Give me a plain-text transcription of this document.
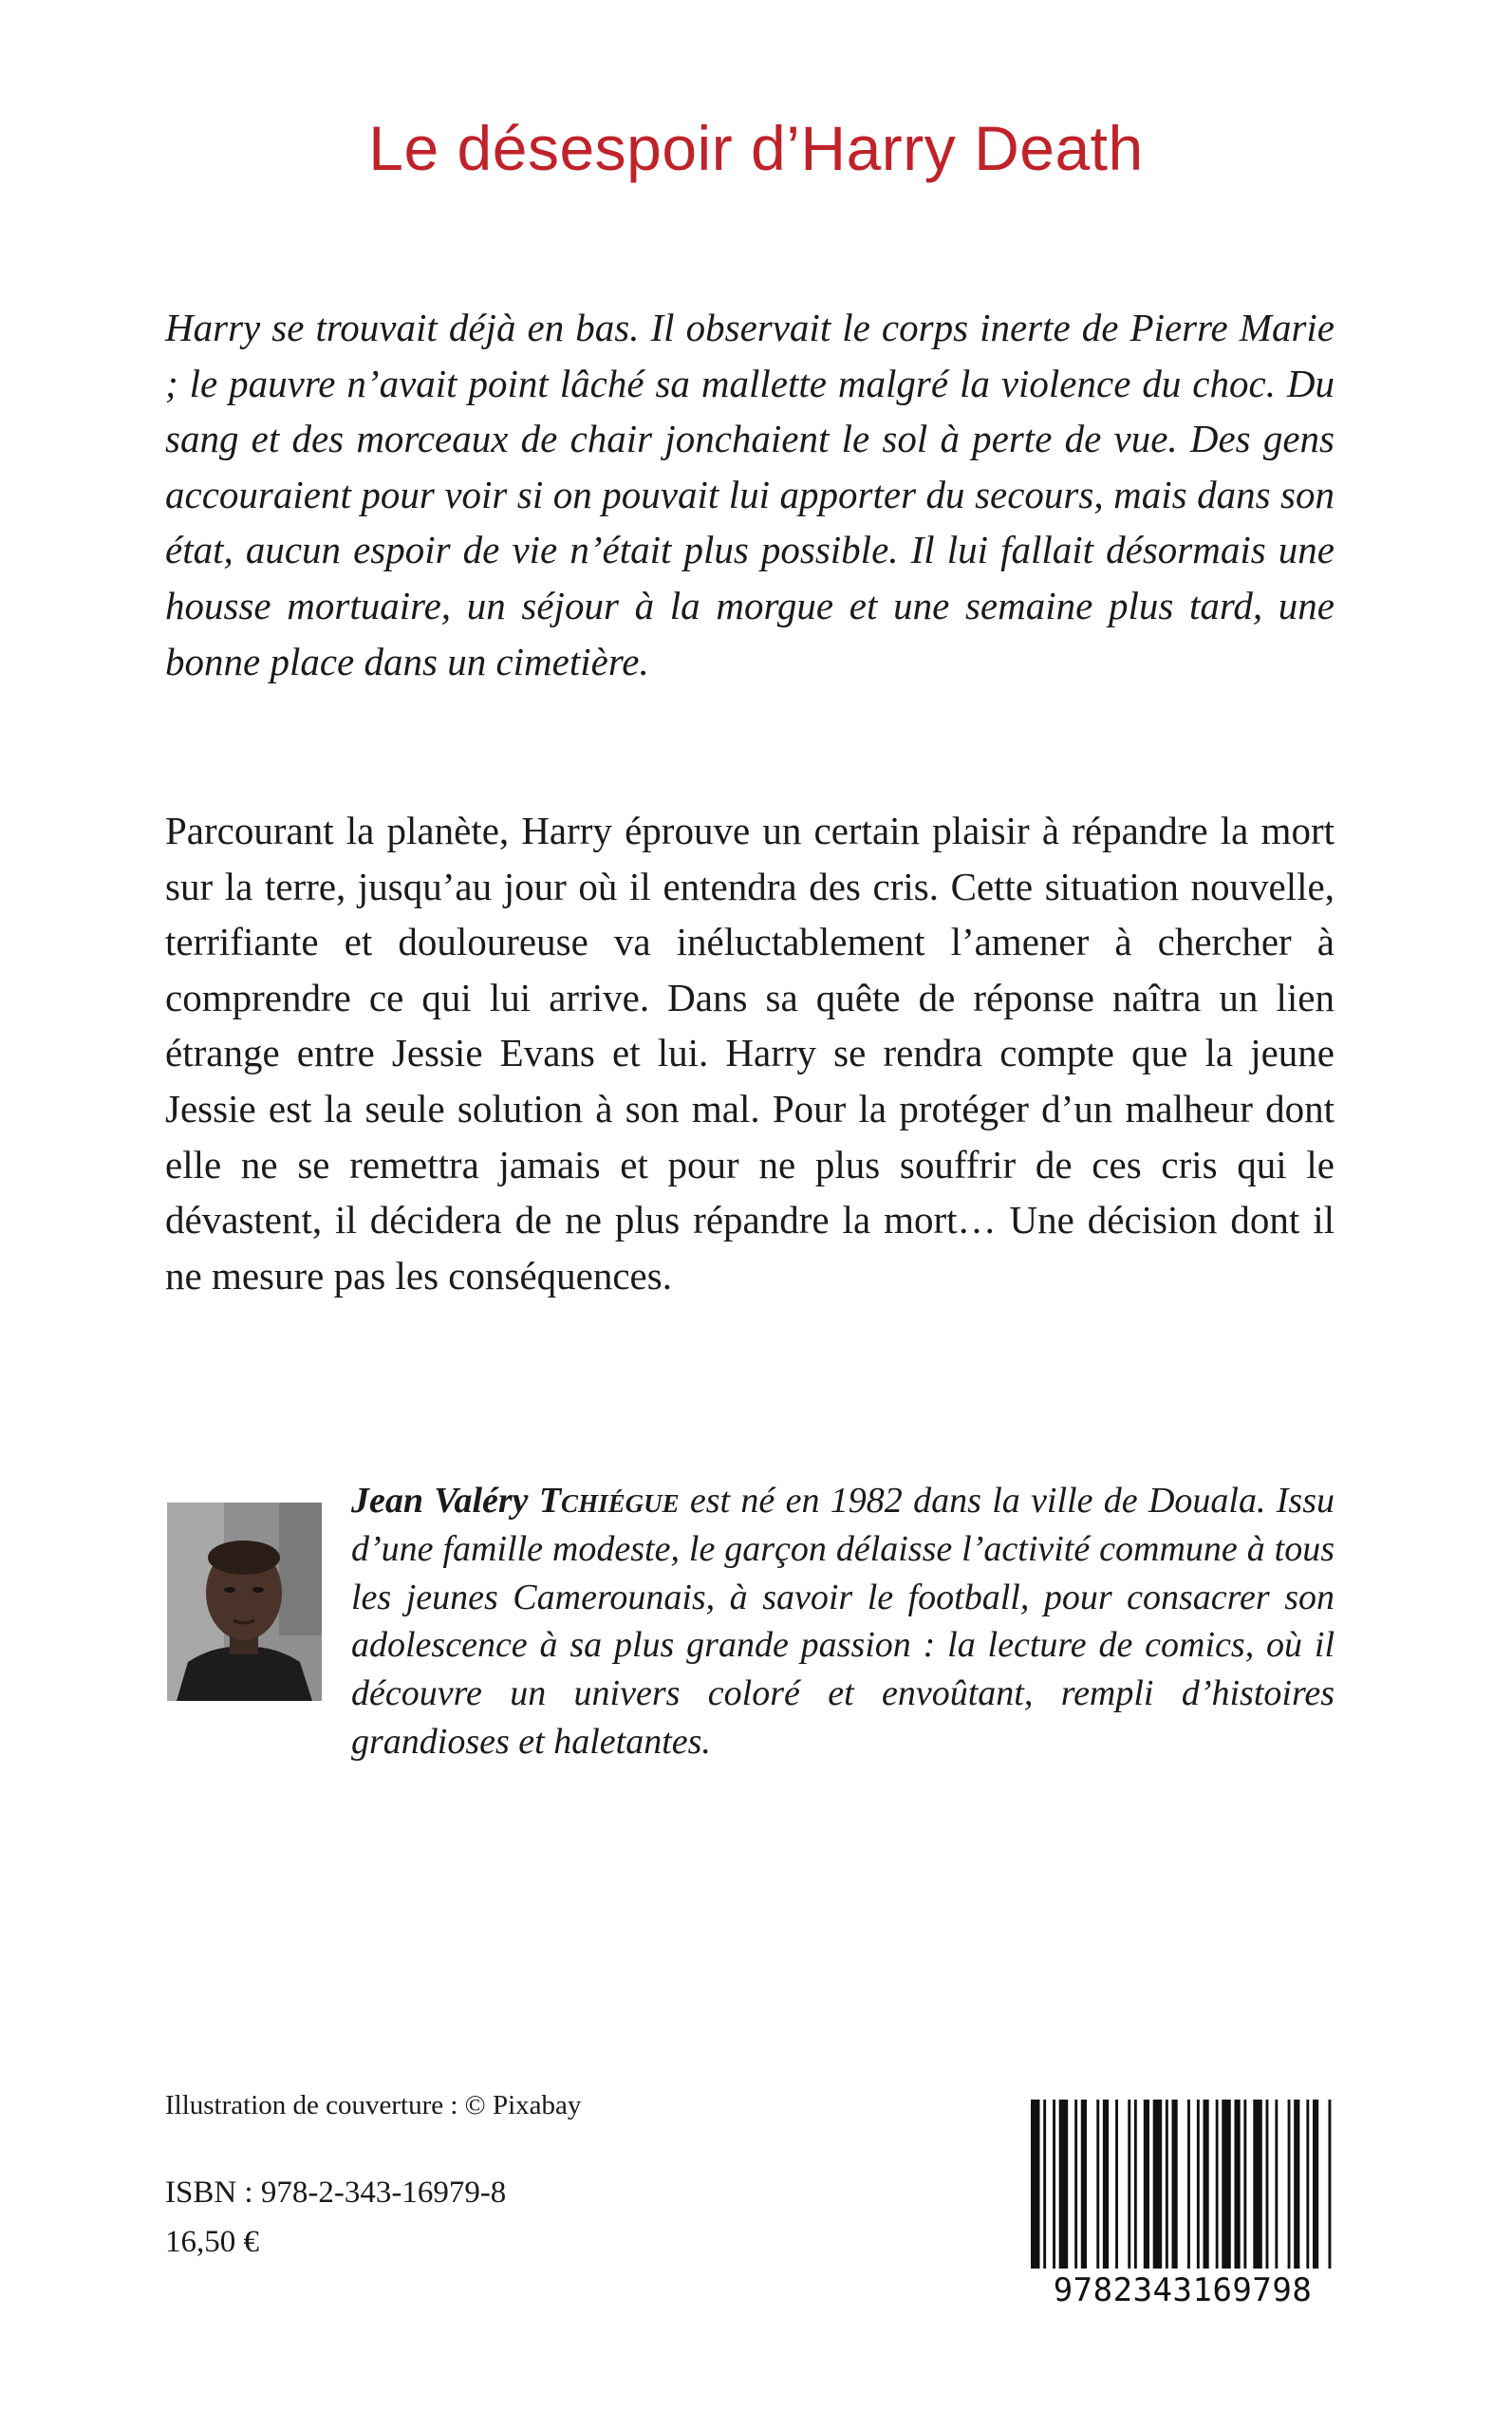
Le désespoir d’Harry Death

Harry se trouvait déjà en bas. Il observait le corps inerte de Pierre Marie ; le pauvre n’avait point lâché sa mallette malgré la violence du choc. Du sang et des morceaux de chair jonchaient le sol à perte de vue. Des gens accouraient pour voir si on pouvait lui apporter du secours, mais dans son état, aucun espoir de vie n’était plus possible. Il lui fallait désormais une housse mortuaire, un séjour à la morgue et une semaine plus tard, une bonne place dans un cimetière.

Parcourant la planète, Harry éprouve un certain plaisir à répandre la mort sur la terre, jusqu’au jour où il entendra des cris. Cette situation nouvelle, terrifiante et douloureuse va inéluctablement l’amener à chercher à comprendre ce qui lui arrive. Dans sa quête de réponse naîtra un lien étrange entre Jessie Evans et lui. Harry se rendra compte que la jeune Jessie est la seule solution à son mal. Pour la protéger d’un malheur dont elle ne se remettra jamais et pour ne plus souffrir de ces cris qui le dévastent, il décidera de ne plus répandre la mort… Une décision dont il ne mesure pas les conséquences.

Jean Valéry Tchiégue est né en 1982 dans la ville de Douala. Issu d’une famille modeste, le garçon délaisse l’activité commune à tous les jeunes Camerounais, à savoir le football, pour consacrer son adolescence à sa plus grande passion : la lecture de comics, où il découvre un univers coloré et envoûtant, rempli d’histoires grandioses et haletantes.

Illustration de couverture : © Pixabay
ISBN : 978-2-343-16979-8
16,50 €
9782343169798
